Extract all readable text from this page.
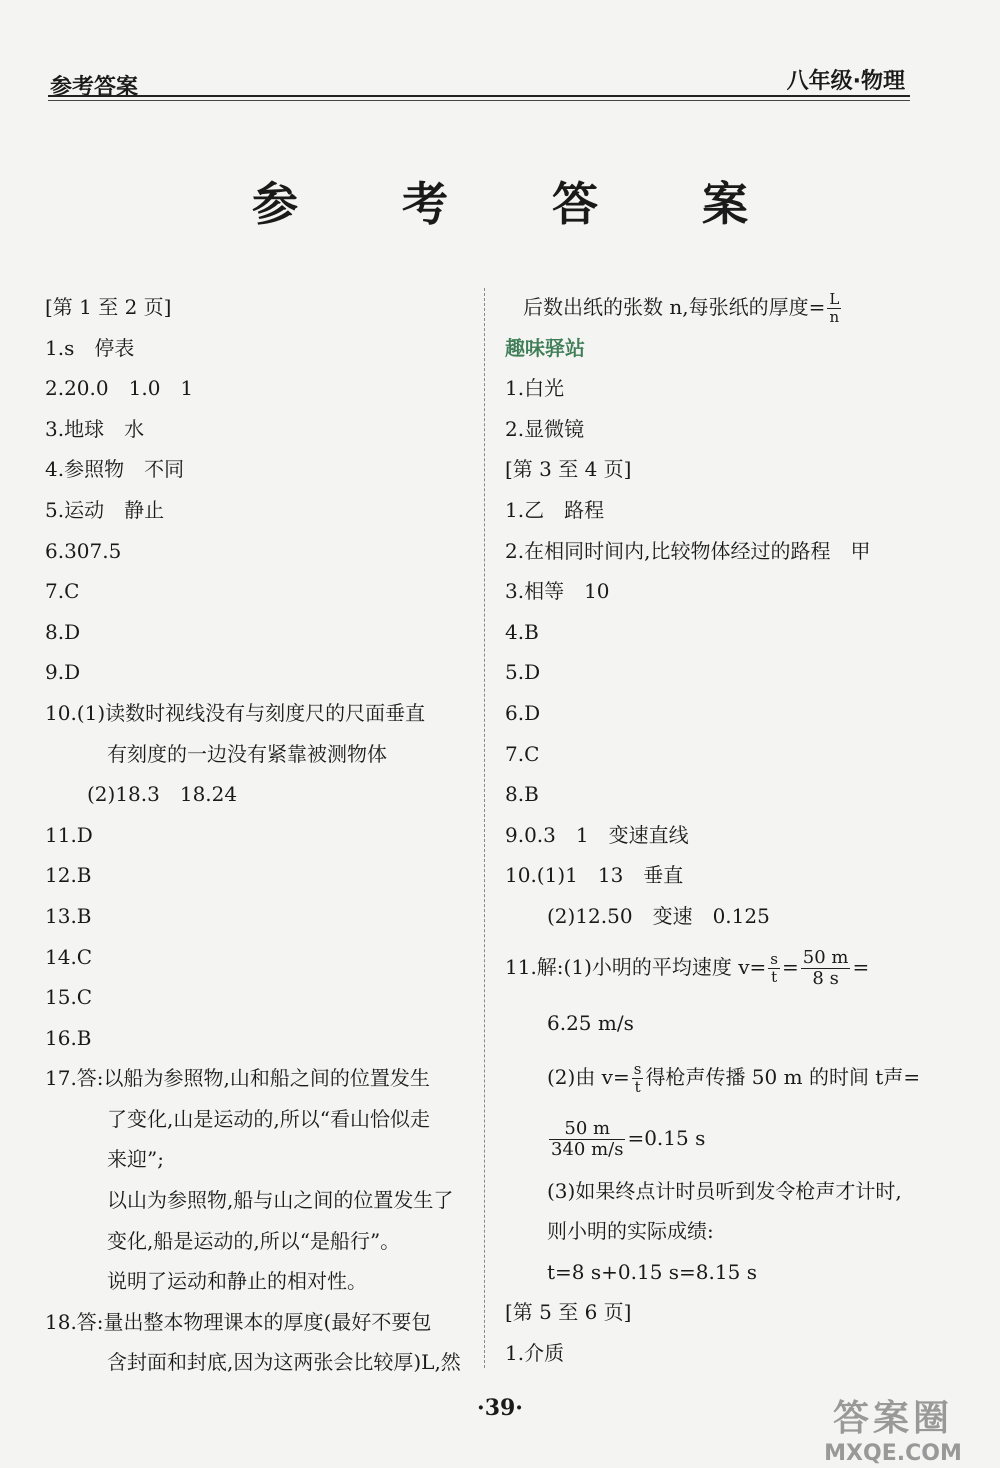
参考答案	八年级·物理
参 考 答 案
[第 1 至 2 页]
1.s　停表
2.20.0　1.0　1
3.地球　水
4.参照物　不同
5.运动　静止
6.307.5
7.C
8.D
9.D
10.(1)读数时视线没有与刻度尺的尺面垂直
有刻度的一边没有紧靠被测物体
(2)18.3　18.24
11.D
12.B
13.B
14.C
15.C
16.B
17.答:以船为参照物,山和船之间的位置发生
了变化,山是运动的,所以“看山恰似走
来迎”;
以山为参照物,船与山之间的位置发生了
变化,船是运动的,所以“是船行”。
说明了运动和静止的相对性。
18.答:量出整本物理课本的厚度(最好不要包
含封面和封底,因为这两张会比较厚)L,然
后数出纸的张数 n,每张纸的厚度= $\frac{L}{n}$
趣味驿站
1.白光
2.显微镜
[第 3 至 4 页]
1.乙　路程
2.在相同时间内,比较物体经过的路程　甲
3.相等　10
4.B
5.D
6.D
7.C
8.B
9.0.3　1　变速直线
10.(1)1　13　垂直
(2)12.50　变速　0.125
11.解:(1)小明的平均速度 $v= \frac{s}{t} = \frac{50 m}{8 s}$ =
6.25 m/s
(2)由 $v= \frac{s}{t}$ 得枪声传播 50 m 的时间 t声=
$\frac{50 m}{340 m/s} =0.15$ s
(3)如果终点计时员听到发令枪声才计时,
则小明的实际成绩:
t=8 s+0.15 s=8.15 s
[第 5 至 6 页]
1.介质
·39·	答案圈
MXQE.COM
